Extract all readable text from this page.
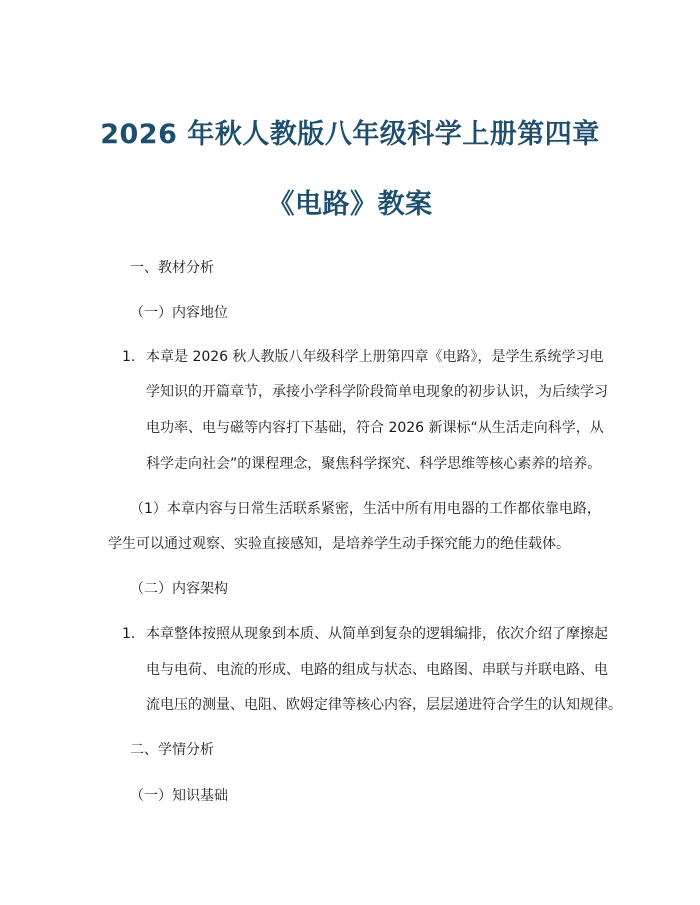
2026 年秋人教版八年级科学上册第四章
《电路》教案
一、教材分析
（一）内容地位
1. 本章是 2026 秋人教版八年级科学上册第四章《电路》，是学生系统学习电
学知识的开篇章节，承接小学科学阶段简单电现象的初步认识，为后续学习
电功率、电与磁等内容打下基础，符合 2026 新课标“从生活走向科学，从
科学走向社会”的课程理念，聚焦科学探究、科学思维等核心素养的培养。
（1）本章内容与日常生活联系紧密，生活中所有用电器的工作都依靠电路，
学生可以通过观察、实验直接感知，是培养学生动手探究能力的绝佳载体。
（二）内容架构
1. 本章整体按照从现象到本质、从简单到复杂的逻辑编排，依次介绍了摩擦起
电与电荷、电流的形成、电路的组成与状态、电路图、串联与并联电路、电
流电压的测量、电阻、欧姆定律等核心内容，层层递进符合学生的认知规律。
二、学情分析
（一）知识基础
